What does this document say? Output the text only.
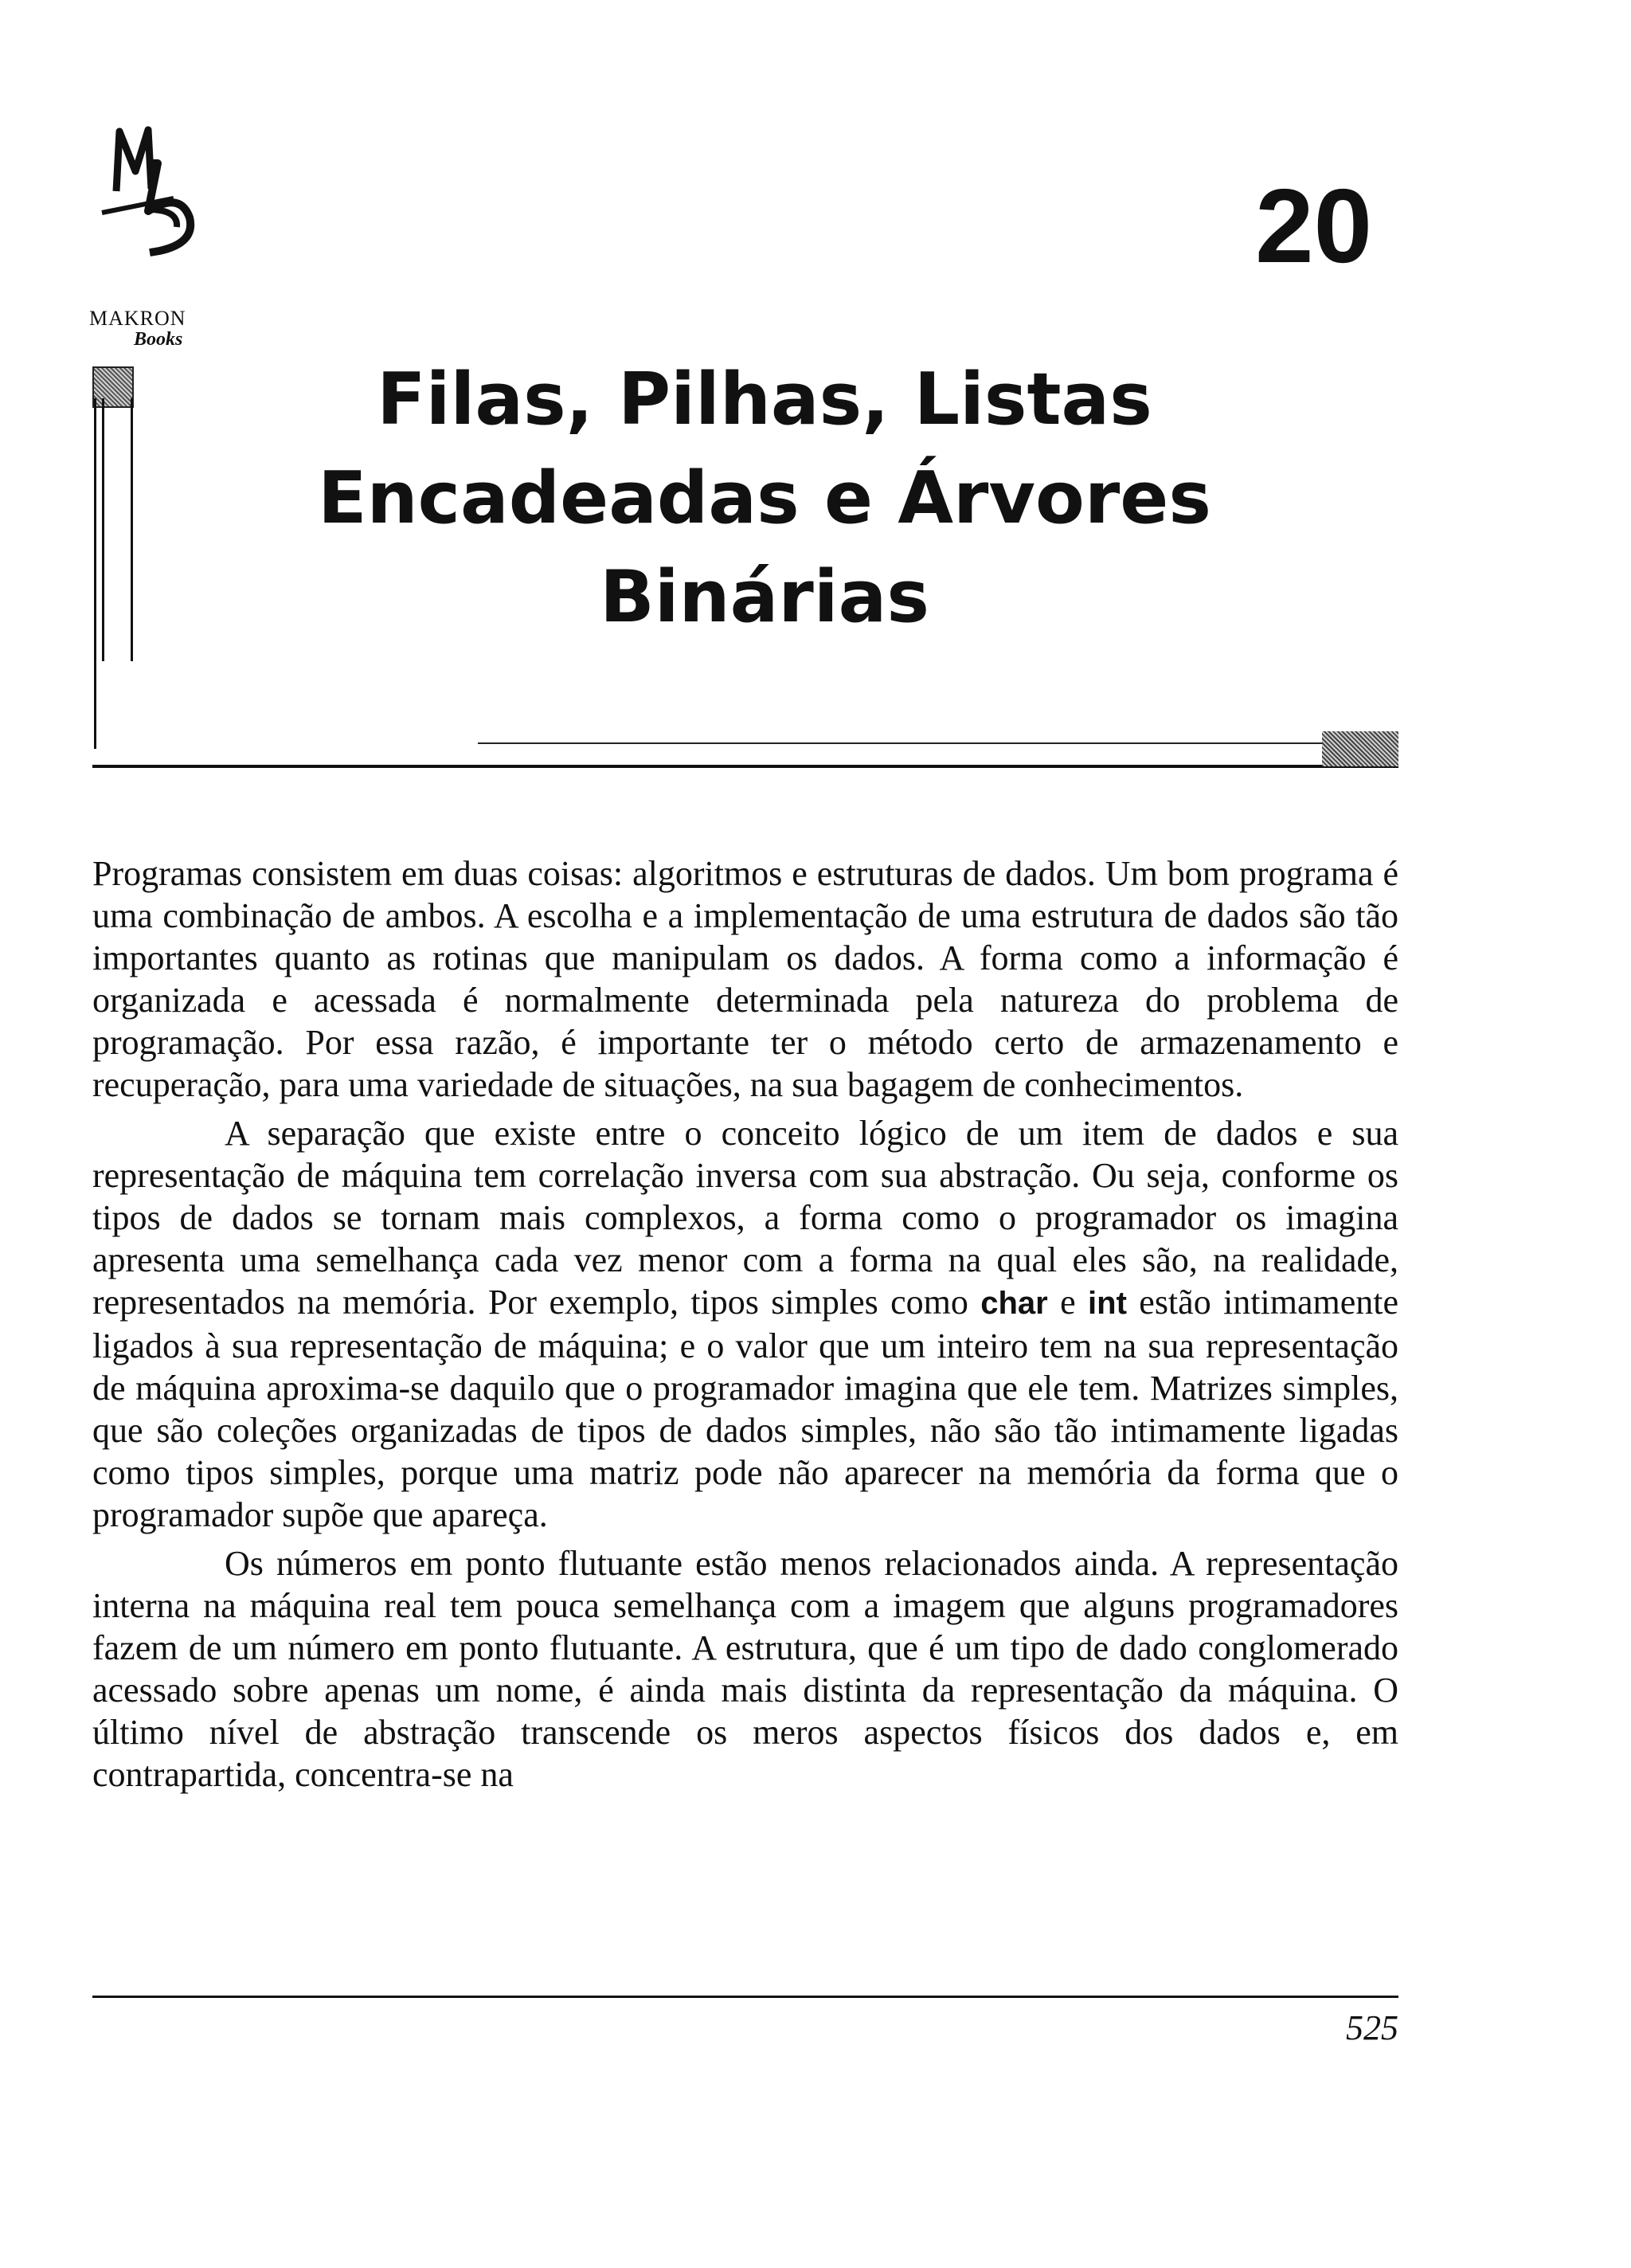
MAKRON
Books
20
Filas, Pilhas, Listas
Encadeadas e Árvores
Binárias

Programas consistem em duas coisas: algoritmos e estruturas de dados. Um bom programa é uma combinação de ambos. A escolha e a implementação de uma estrutura de dados são tão importantes quanto as rotinas que manipulam os dados. A forma como a informação é organizada e acessada é normalmente determinada pela natureza do problema de programação. Por essa razão, é importante ter o método certo de armazenamento e recuperação, para uma variedade de situações, na sua bagagem de conhecimentos.

A separação que existe entre o conceito lógico de um item de dados e sua representação de máquina tem correlação inversa com sua abstração. Ou seja, conforme os tipos de dados se tornam mais complexos, a forma como o programador os imagina apresenta uma semelhança cada vez menor com a forma na qual eles são, na realidade, representados na memória. Por exemplo, tipos simples como char e int estão intimamente ligados à sua representação de máquina; e o valor que um inteiro tem na sua representação de máquina aproxima-se daquilo que o programador imagina que ele tem. Matrizes simples, que são coleções organizadas de tipos de dados simples, não são tão intimamente ligadas como tipos simples, porque uma matriz pode não aparecer na memória da forma que o programador supõe que apareça.

Os números em ponto flutuante estão menos relacionados ainda. A representação interna na máquina real tem pouca semelhança com a imagem que alguns programadores fazem de um número em ponto flutuante. A estrutura, que é um tipo de dado conglomerado acessado sobre apenas um nome, é ainda mais distinta da representação da máquina. O último nível de abstração transcende os meros aspectos físicos dos dados e, em contrapartida, concentra-se na

525
